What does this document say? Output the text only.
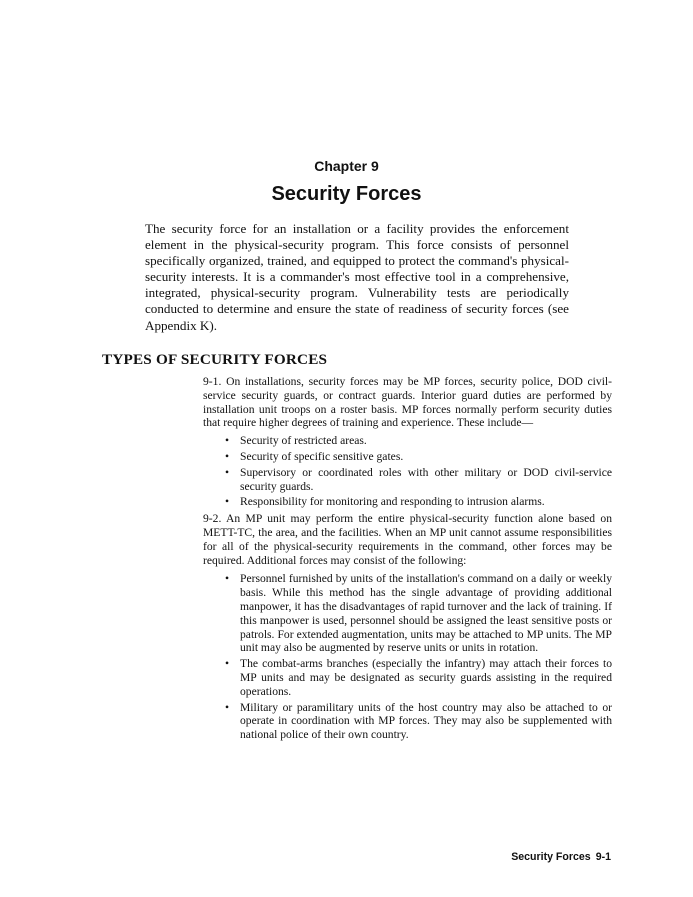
Chapter 9
Security Forces

The security force for an installation or a facility provides the enforcement element in the physical-security program. This force consists of personnel specifically organized, trained, and equipped to protect the command's physical-security interests. It is a commander's most effective tool in a comprehensive, integrated, physical-security program. Vulnerability tests are periodically conducted to determine and ensure the state of readiness of security forces (see Appendix K).

TYPES OF SECURITY FORCES

9-1. On installations, security forces may be MP forces, security police, DOD civil-service security guards, or contract guards. Interior guard duties are performed by installation unit troops on a roster basis. MP forces normally perform security duties that require higher degrees of training and experience. These include—

• Security of restricted areas.
• Security of specific sensitive gates.
• Supervisory or coordinated roles with other military or DOD civil-service security guards.
• Responsibility for monitoring and responding to intrusion alarms.

9-2. An MP unit may perform the entire physical-security function alone based on METT-TC, the area, and the facilities. When an MP unit cannot assume responsibilities for all of the physical-security requirements in the command, other forces may be required. Additional forces may consist of the following:

• Personnel furnished by units of the installation's command on a daily or weekly basis. While this method has the single advantage of providing additional manpower, it has the disadvantages of rapid turnover and the lack of training. If this manpower is used, personnel should be assigned the least sensitive posts or patrols. For extended augmentation, units may be attached to MP units. The MP unit may also be augmented by reserve units or units in rotation.
• The combat-arms branches (especially the infantry) may attach their forces to MP units and may be designated as security guards assisting in the required operations.
• Military or paramilitary units of the host country may also be attached to or operate in coordination with MP forces. They may also be supplemented with national police of their own country.
Security Forces 9-1
